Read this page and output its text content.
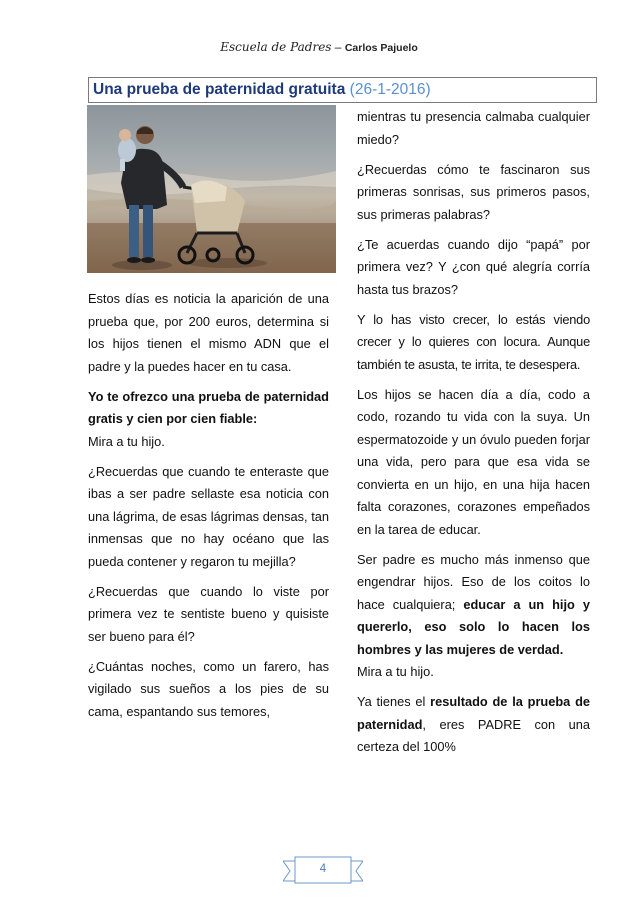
Escuela de Padres – Carlos Pajuelo
Una prueba de paternidad gratuita (26-1-2016)

Estos días es noticia la aparición de una prueba que, por 200 euros, determina si los hijos tienen el mismo ADN que el padre y la puedes hacer en tu casa.

Yo te ofrezco una prueba de paternidad gratis y cien por cien fiable:
Mira a tu hijo.

¿Recuerdas que cuando te enteraste que ibas a ser padre sellaste esa noticia con una lágrima, de esas lágrimas densas, tan inmensas que no hay océano que las pueda contener y regaron tu mejilla?

¿Recuerdas que cuando lo viste por primera vez te sentiste bueno y quisiste ser bueno para él?

¿Cuántas noches, como un farero, has vigilado sus sueños a los pies de su cama, espantando sus temores,

mientras tu presencia calmaba cualquier miedo?

¿Recuerdas cómo te fascinaron sus primeras sonrisas, sus primeros pasos, sus primeras palabras?

¿Te acuerdas cuando dijo “papá” por primera vez? Y ¿con qué alegría corría hasta tus brazos?

Y lo has visto crecer, lo estás viendo crecer y lo quieres con locura. Aunque también te asusta, te irrita, te desespera.

Los hijos se hacen día a día, codo a codo, rozando tu vida con la suya. Un espermatozoide y un óvulo pueden forjar una vida, pero para que esa vida se convierta en un hijo, en una hija hacen falta corazones, corazones empeñados en la tarea de educar.

Ser padre es mucho más inmenso que engendrar hijos. Eso de los coitos lo hace cualquiera; educar a un hijo y quererlo, eso solo lo hacen los hombres y las mujeres de verdad.
Mira a tu hijo.

Ya tienes el resultado de la prueba de paternidad, eres PADRE con una certeza del 100%

4
